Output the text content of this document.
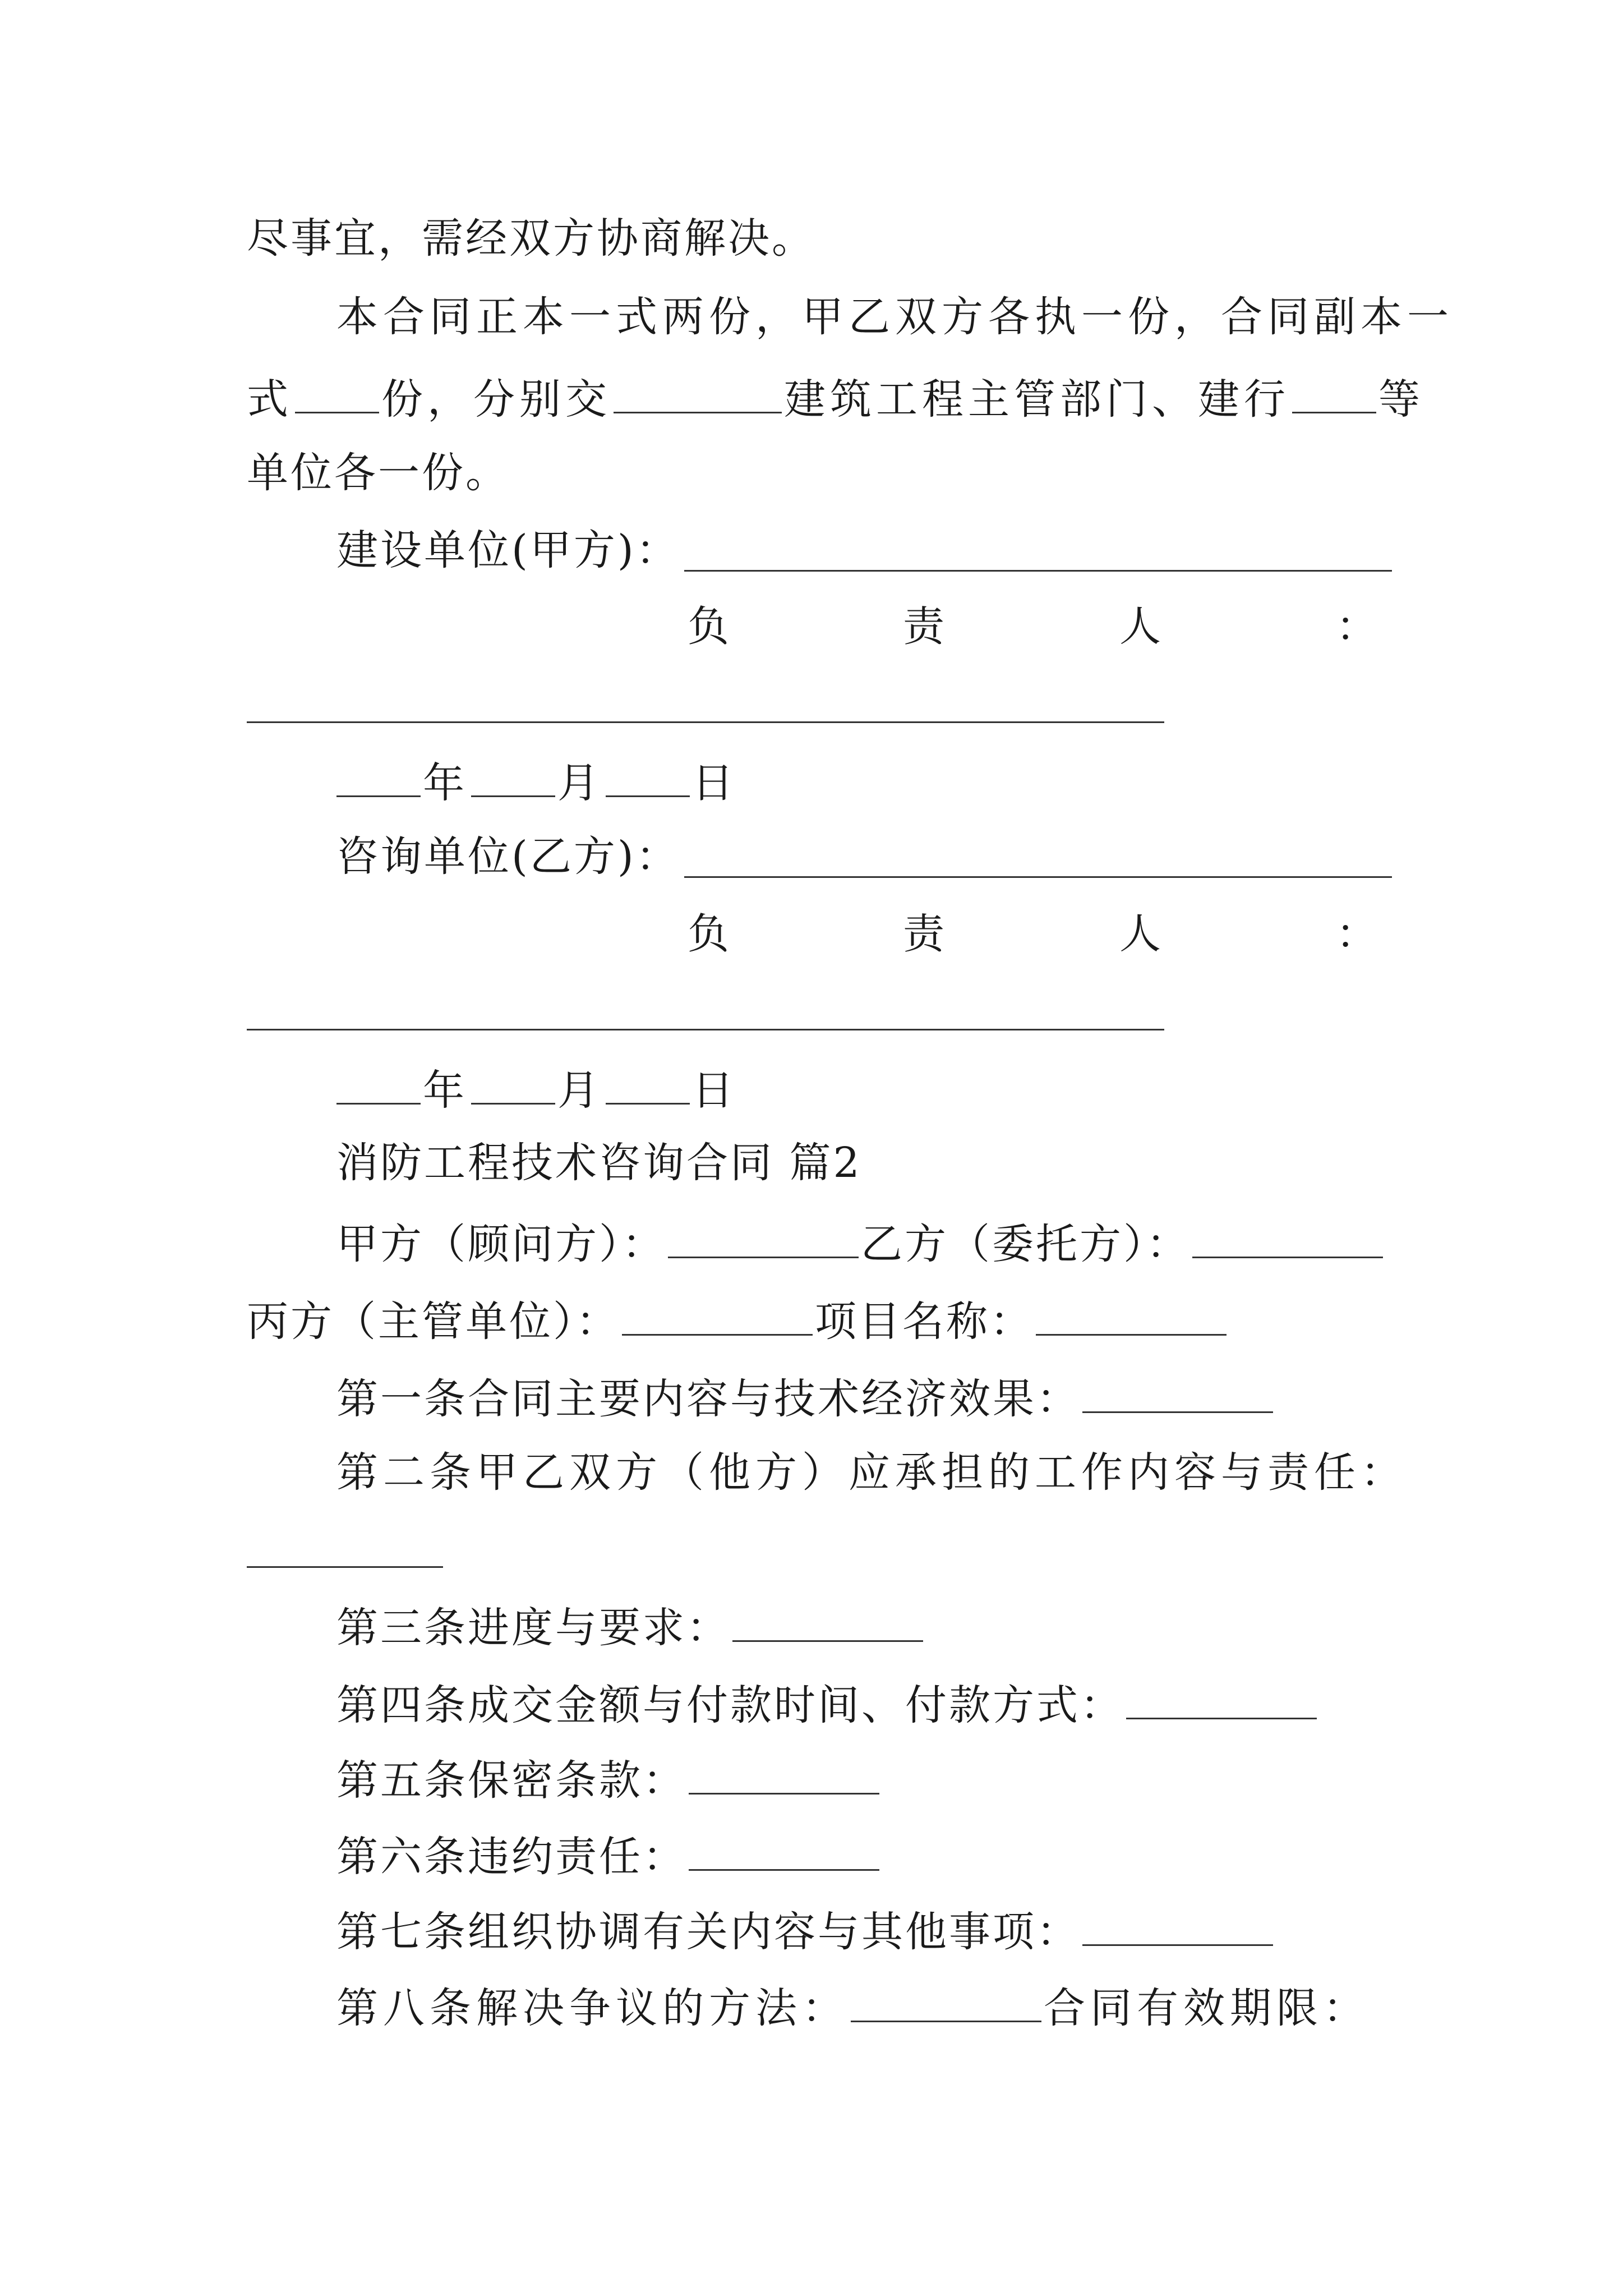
尽事宜，需经双方协商解决。
本合同正本一式两份，甲乙双方各执一份，合同副本一
式 份，分别交	建筑工程主管部门、建行 等
单位各一份。
建设单位(甲方)：
负	责	人	：
年 月 日
咨询单位(乙方)：
负	责	人	：
年 月 日
消防工程技术咨询合同 篇2
甲方（顾问方）：	乙方（委托方）：
丙方（主管单位）：	项目名称：
第一条合同主要内容与技术经济效果：
第二条甲乙双方（他方）应承担的工作内容与责任：
第三条进度与要求：
第四条成交金额与付款时间、付款方式：
第五条保密条款：
第六条违约责任：
第七条组织协调有关内容与其他事项：
第八条解决争议的方法：	合同有效期限：
